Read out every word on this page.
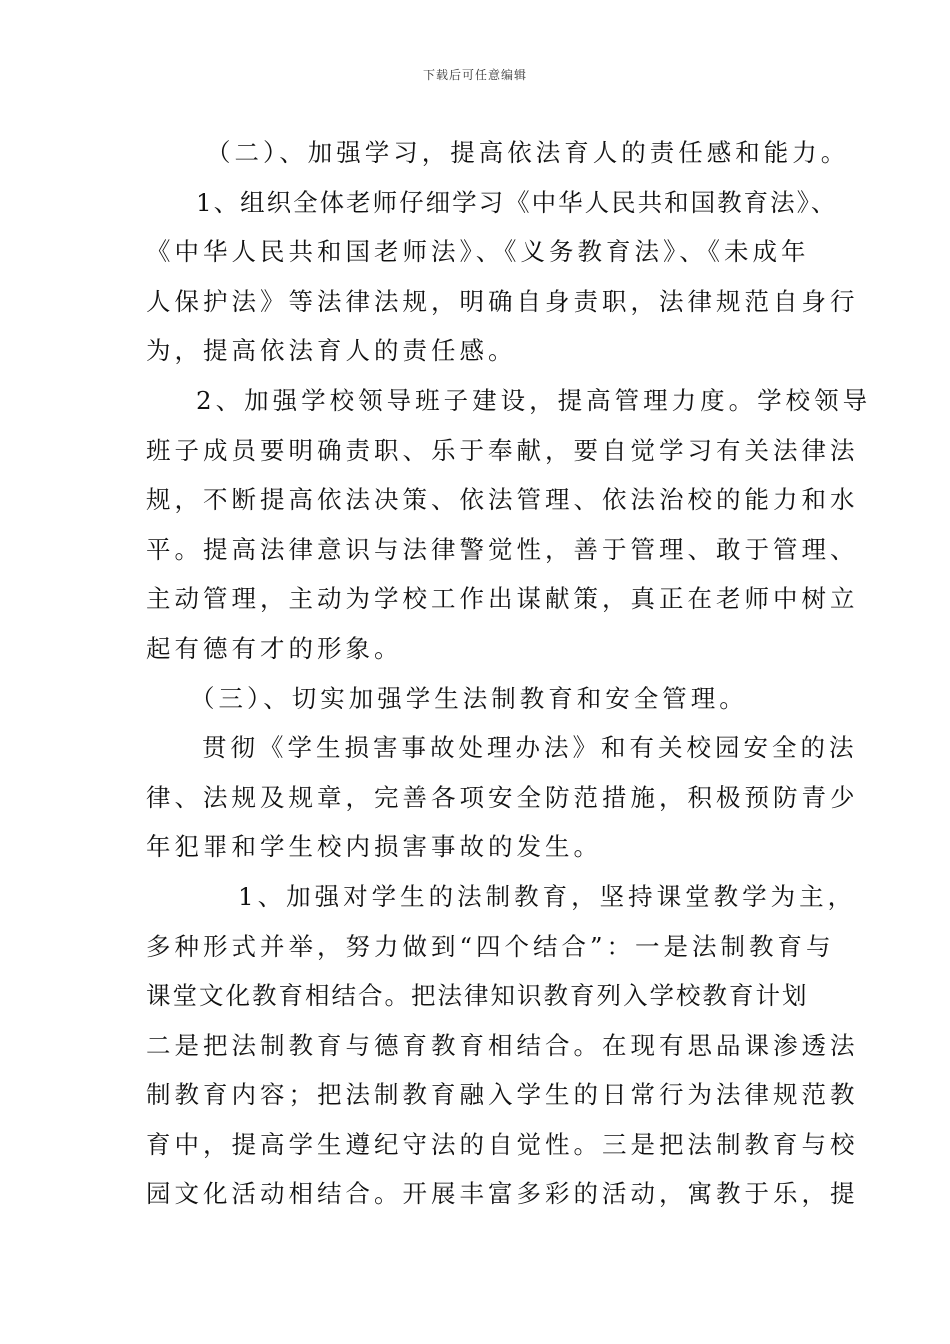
下载后可任意编辑
（二）、加强学习，提高依法育人的责任感和能力。
1、组织全体老师仔细学习《中华人民共和国教育法》、
《中华人民共和国老师法》、《义务教育法》、《未成年
人保护法》等法律法规，明确自身责职，法律规范自身行
为，提高依法育人的责任感。
2、加强学校领导班子建设，提高管理力度。学校领导
班子成员要明确责职、乐于奉献，要自觉学习有关法律法
规，不断提高依法决策、依法管理、依法治校的能力和水
平。提高法律意识与法律警觉性，善于管理、敢于管理、
主动管理，主动为学校工作出谋献策，真正在老师中树立
起有德有才的形象。
（三）、切实加强学生法制教育和安全管理。
贯彻《学生损害事故处理办法》和有关校园安全的法
律、法规及规章，完善各项安全防范措施，积极预防青少
年犯罪和学生校内损害事故的发生。
1、加强对学生的法制教育，坚持课堂教学为主，
多种形式并举，努力做到“四个结合”：一是法制教育与
课堂文化教育相结合。把法律知识教育列入学校教育计划
二是把法制教育与德育教育相结合。在现有思品课渗透法
制教育内容；把法制教育融入学生的日常行为法律规范教
育中，提高学生遵纪守法的自觉性。三是把法制教育与校
园文化活动相结合。开展丰富多彩的活动，寓教于乐，提
